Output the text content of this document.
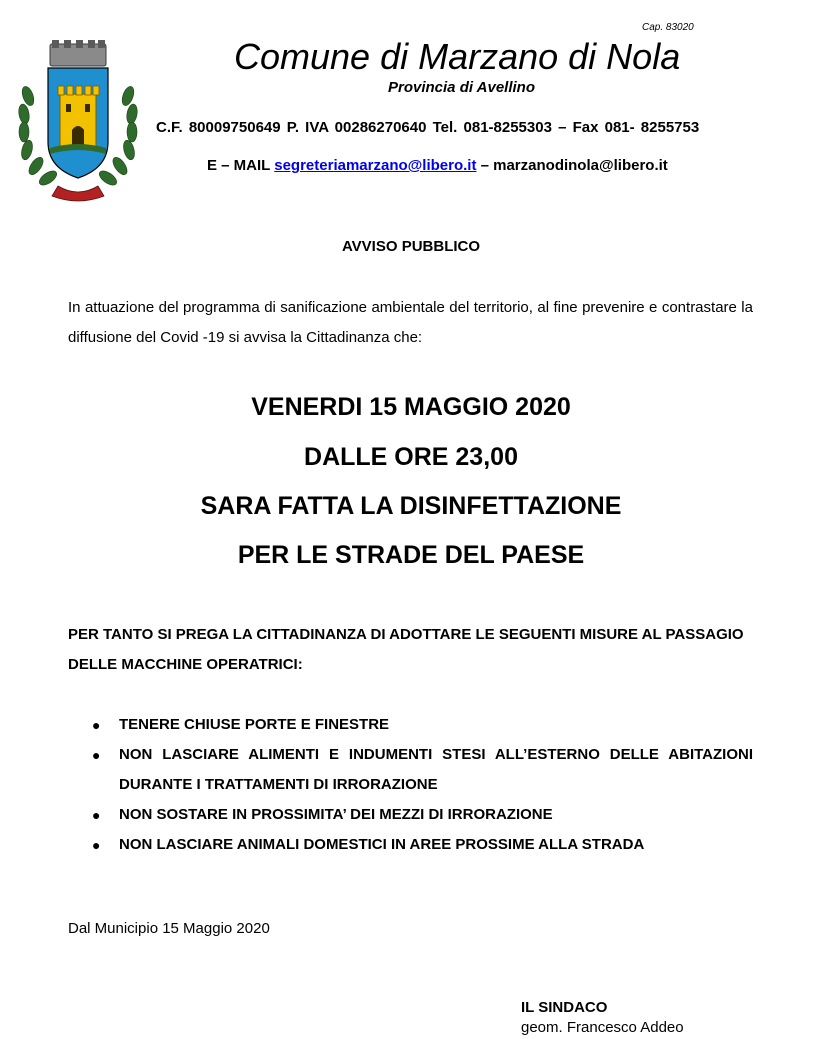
Cap. 83020
Comune di Marzano di Nola
Provincia di Avellino
C.F. 80009750649 P. IVA 00286270640 Tel. 081-8255303 – Fax 081- 8255753
E – MAIL segreteriamarzano@libero.it – marzanodinola@libero.it
AVVISO PUBBLICO
In attuazione del programma di sanificazione ambientale del territorio, al fine prevenire e contrastare la diffusione del Covid -19 si avvisa la Cittadinanza che:
VENERDI 15 MAGGIO 2020
DALLE ORE 23,00
SARA FATTA LA DISINFETTAZIONE
PER LE STRADE DEL PAESE
PER TANTO SI PREGA LA CITTADINANZA DI ADOTTARE LE SEGUENTI MISURE AL PASSAGIO DELLE MACCHINE OPERATRICI:
● TENERE CHIUSE PORTE E FINESTRE
● NON LASCIARE ALIMENTI E INDUMENTI STESI ALL’ESTERNO DELLE ABITAZIONI DURANTE I TRATTAMENTI DI IRRORAZIONE
● NON SOSTARE IN PROSSIMITA’ DEI MEZZI DI IRRORAZIONE
● NON LASCIARE ANIMALI DOMESTICI IN AREE PROSSIME ALLA STRADA
Dal Municipio 15 Maggio 2020
IL SINDACO
geom. Francesco Addeo
